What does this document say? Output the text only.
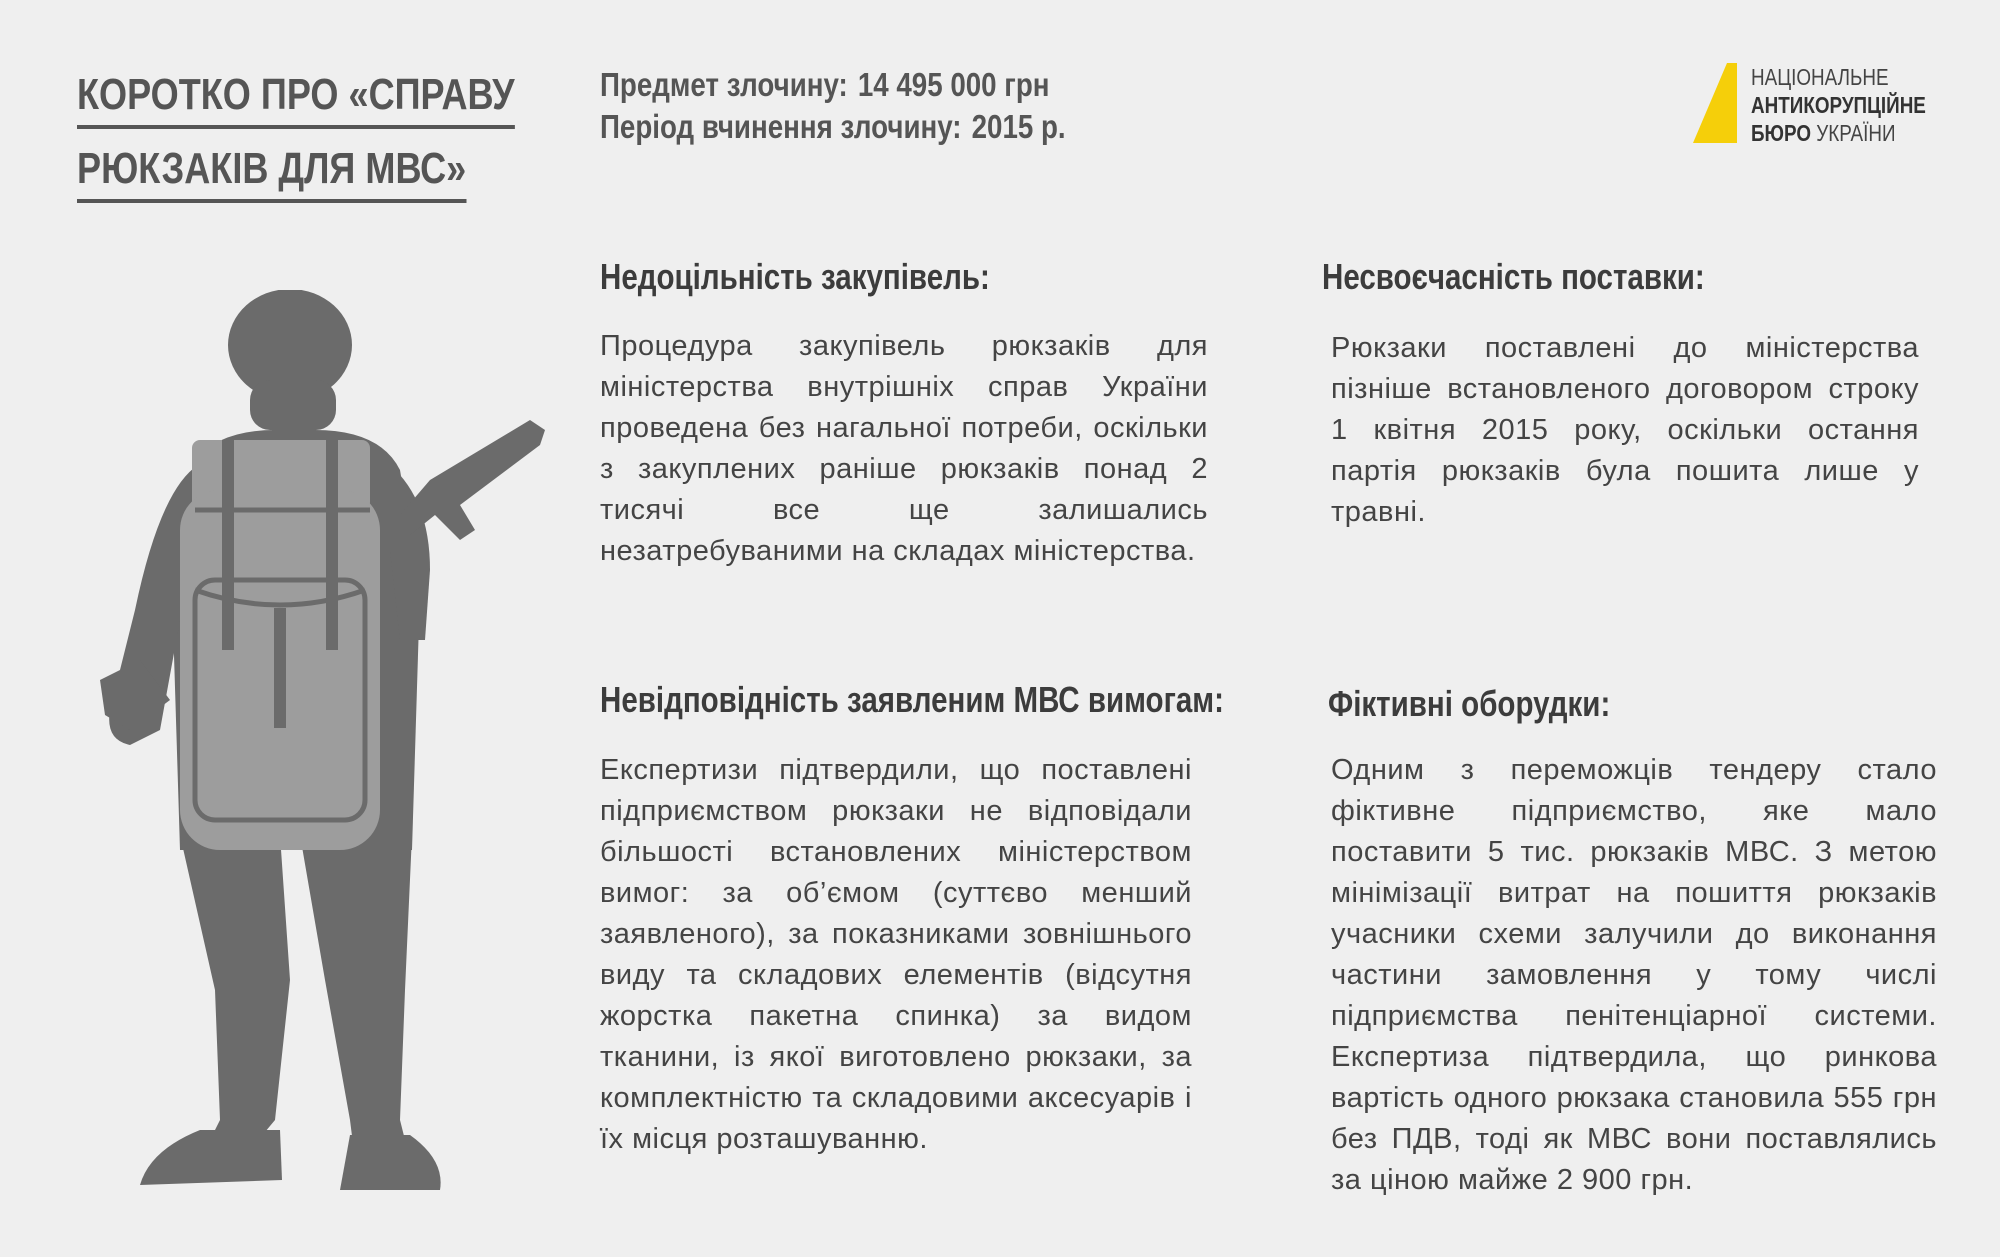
КОРОТКО ПРО «СПРАВУ
РЮКЗАКІВ ДЛЯ МВС»
Предмет злочину: 14 495 000 грн
Період вчинення злочину: 2015 р.
НАЦІОНАЛЬНЕ
АНТИКОРУПЦІЙНЕ
БЮРО УКРАЇНИ
Недоцільність закупівель:

Процедура закупівель рюкзаків для міністерства внутрішніх справ України проведена без нагальної потреби, оскільки з закуплених раніше рюкзаків понад 2 тисячі все ще залишались незатребуваними на складах міністерства.

Несвоєчасність поставки:

Рюкзаки поставлені до міністерства пізніше встановленого договором строку 1 квітня 2015 року, оскільки остання партія рюкзаків була пошита лише у травні.

Невідповідність заявленим МВС вимогам:

Експертизи підтвердили, що поставлені підприємством рюкзаки не відповідали більшості встановлених міністерством вимог: за об’ємом (суттєво менший заявленого), за показниками зовнішнього виду та складових елементів (відсутня жорстка пакетна спинка) за видом тканини, із якої виготовлено рюкзаки, за комплектністю та складовими аксесуарів і їх місця розташуванню.

Фіктивні оборудки:

Одним з переможців тендеру стало фіктивне підприємство, яке мало поставити 5 тис. рюкзаків МВС. З метою мінімізації витрат на пошиття рюкзаків учасники схеми залучили до виконання частини замовлення у тому числі підприємства пенітенціарної системи. Експертиза підтвердила, що ринкова вартість одного рюкзака становила 555 грн без ПДВ, тоді як МВС вони поставлялись за ціною майже 2 900 грн.
